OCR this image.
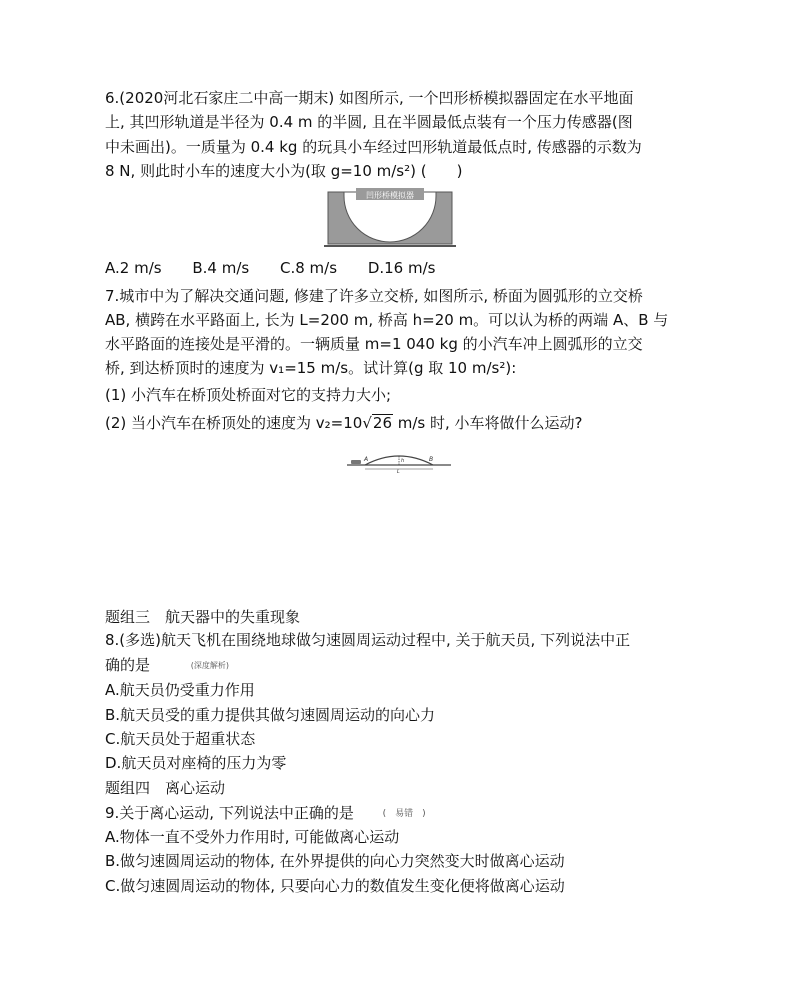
6.(2020河北石家庄二中高一期末) 如图所示, 一个凹形桥模拟器固定在水平地面
上, 其凹形轨道是半径为 0.4 m 的半圆, 且在半圆最低点装有一个压力传感器(图
中未画出)。一质量为 0.4 kg 的玩具小车经过凹形轨道最低点时, 传感器的示数为
8 N, 则此时小车的速度大小为(取 g=10 m/s²) (　　)
凹形桥模拟器
A.2 m/s B.4 m/s C.8 m/s D.16 m/s
7.城市中为了解决交通问题, 修建了许多立交桥, 如图所示, 桥面为圆弧形的立交桥
AB, 横跨在水平路面上, 长为 L=200 m, 桥高 h=20 m。可以认为桥的两端 A、B 与
水平路面的连接处是平滑的。一辆质量 m=1 040 kg 的小汽车冲上圆弧形的立交
桥, 到达桥顶时的速度为 v₁=15 m/s。试计算(g 取 10 m/s²):
(1) 小汽车在桥顶处桥面对它的支持力大小;
(2) 当小汽车在桥顶处的速度为 v₂=10√26 m/s 时, 小车将做什么运动?
A	B
h
L
题组三　航天器中的失重现象
8.(多选)航天飞机在围绕地球做匀速圆周运动过程中, 关于航天员, 下列说法中正
确的是	(深度解析)
A.航天员仍受重力作用
B.航天员受的重力提供其做匀速圆周运动的向心力
C.航天员处于超重状态
D.航天员对座椅的压力为零
题组四　离心运动
9.关于离心运动, 下列说法中正确的是	(　易错　)
A.物体一直不受外力作用时, 可能做离心运动
B.做匀速圆周运动的物体, 在外界提供的向心力突然变大时做离心运动
C.做匀速圆周运动的物体, 只要向心力的数值发生变化便将做离心运动
